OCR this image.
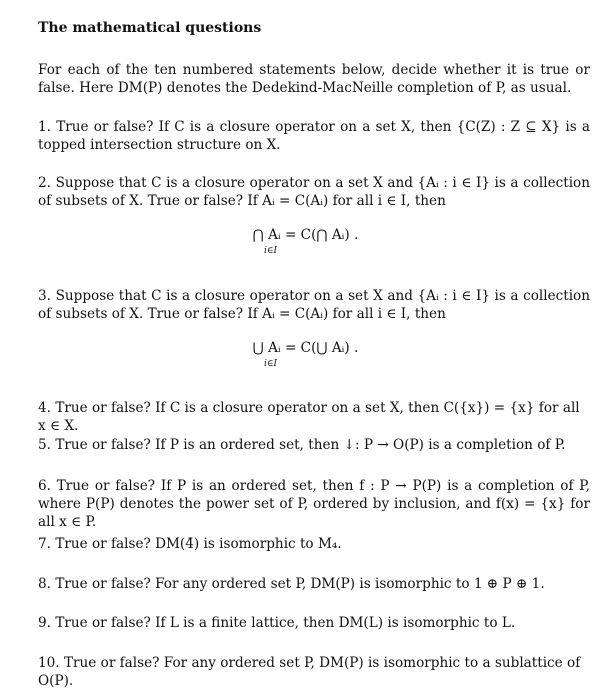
The mathematical questions

For each of the ten numbered statements below, decide whether it is true or false. Here DM(P) denotes the Dedekind-MacNeille completion of P, as usual.

1. True or false? If C is a closure operator on a set X, then {C(Z) : Z ⊆ X} is a topped intersection structure on X.

2. Suppose that C is a closure operator on a set X and {Aᵢ : i ∈ I} is a collection of subsets of X. True or false? If Aᵢ = C(Aᵢ) for all i ∈ I, then

⋂ Aᵢ = C(⋂ Aᵢ) .
i∈I

3. Suppose that C is a closure operator on a set X and {Aᵢ : i ∈ I} is a collection of subsets of X. True or false? If Aᵢ = C(Aᵢ) for all i ∈ I, then

⋃ Aᵢ = C(⋃ Aᵢ) .
i∈I

4. True or false? If C is a closure operator on a set X, then C({x}) = {x} for all x ∈ X.

5. True or false? If P is an ordered set, then ↓: P → O(P) is a completion of P.

6. True or false? If P is an ordered set, then f : P → P(P) is a completion of P, where P(P) denotes the power set of P, ordered by inclusion, and f(x) = {x} for all x ∈ P.

7. True or false? DM(4̄) is isomorphic to M₄.

8. True or false? For any ordered set P, DM(P) is isomorphic to 1 ⊕ P ⊕ 1.

9. True or false? If L is a finite lattice, then DM(L) is isomorphic to L.

10. True or false? For any ordered set P, DM(P) is isomorphic to a sublattice of O(P).
